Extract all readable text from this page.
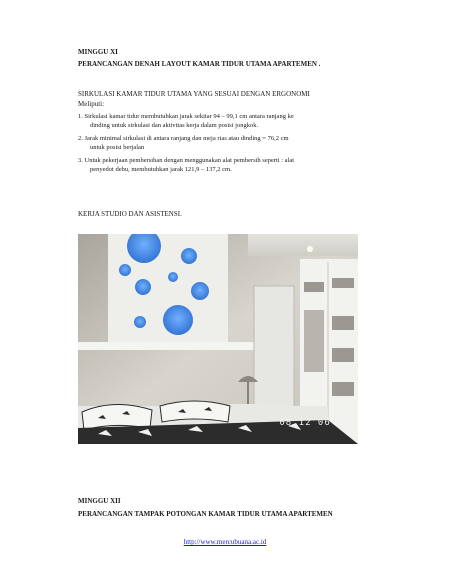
MINGGU XI

PERANCANGAN DENAH LAYOUT KAMAR TIDUR UTAMA APARTEMEN .

SIRKULASI KAMAR TIDUR UTAMA YANG SESUAI DENGAN ERGONOMI

Meliputi:

1. Sirkulasi kamar tidur membutuhkan jarak sekitar 94 – 99,1 cm antara ranjang ke
dinding untuk sirkulasi dan aktivitas kerja dalam posisi jongkok.
2. Jarak minimal sirkulasi di antara ranjang dan meja rias atau dinding = 76,2 cm
untuk posisi berjalan
3. Untuk pekerjaan pembersihan dengan menggunakan alat pembersih seperti : alat
penyedot debu, membutuhkan jarak 121,9 – 137,2 cm.

KERJA STUDIO DAN ASISTENSI.

08.12 06 45

MINGGU XII

PERANCANGAN TAMPAK POTONGAN KAMAR TIDUR UTAMA APARTEMEN

http://www.mercubuana.ac.id
